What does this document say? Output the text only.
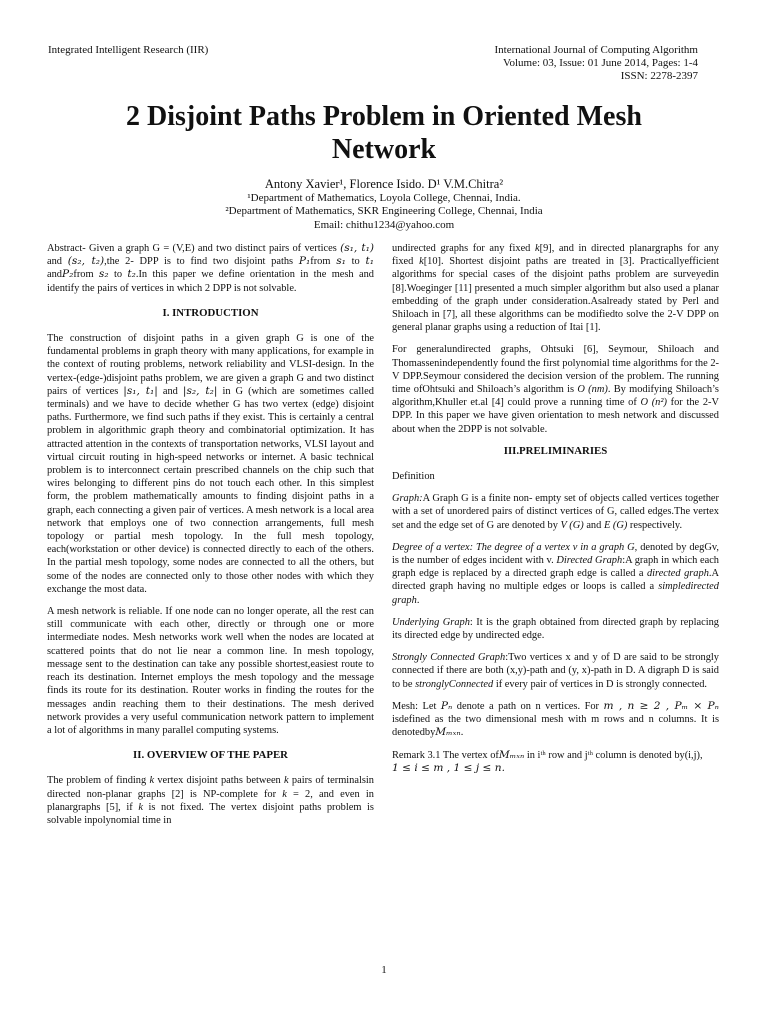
Integrated Intelligent Research (IIR)	International Journal of Computing Algorithm
Volume: 03, Issue: 01 June 2014, Pages: 1-4
ISSN: 2278-2397
2 Disjoint Paths Problem in Oriented Mesh
Network
Antony Xavier¹, Florence Isido. D¹ V.M.Chitra²
¹Department of Mathematics, Loyola College, Chennai, India.
²Department of Mathematics, SKR Engineering College, Chennai, India
Email: chithu1234@yahoo.com

Abstract- Given a graph G = (V,E) and two distinct pairs of vertices (s₁, t₁) and (s₂, t₂),the 2- DPP is to find two disjoint paths P₁from s₁ to t₁ andP₂from s₂ to t₂.In this paper we define orientation in the mesh and identify the pairs of vertices in which 2 DPP is not solvable.

I. INTRODUCTION

The construction of disjoint paths in a given graph G is one of the fundamental problems in graph theory with many applications, for example in the context of routing problems, network reliability and VLSI-design. In the vertex-(edge-)disjoint paths problem, we are given a graph G and two distinct pairs of vertices |s₁, t₁| and |s₂, t₂| in G (which are sometimes called terminals) and we have to decide whether G has two vertex (edge) disjoint paths. Furthermore, we find such paths if they exist. This is certainly a central problem in algorithmic graph theory and combinatorial optimization. It has attracted attention in the contexts of transportation networks, VLSI layout and virtual circuit routing in high-speed networks or internet. A basic technical problem is to interconnect certain prescribed channels on the chip such that wires belonging to different pins do not touch each other. In this simplest form, the problem mathematically amounts to finding disjoint paths in a graph, each connecting a given pair of vertices. A mesh network is a local area network that employs one of two connection arrangements, full mesh topology or partial mesh topology. In the full mesh topology, each(workstation or other device) is connected directly to each of the others. In the partial mesh topology, some nodes are connected to all the others, but some of the nodes are connected only to those other nodes with which they exchange the most data.

A mesh network is reliable. If one node can no longer operate, all the rest can still communicate with each other, directly or through one or more intermediate nodes. Mesh networks work well when the nodes are located at scattered points that do not lie near a common line. In mesh topology, message sent to the destination can take any possible shortest,easiest route to reach its destination. Internet employs the mesh topology and the message finds its route for its destination. Router works in finding the routes for the messages andin reaching them to their destinations. The mesh derived network provides a very useful communication network pattern to implement a lot of algorithms in many parallel computing systems.

II. OVERVIEW OF THE PAPER

The problem of finding k vertex disjoint paths between k pairs of terminalsin directed non-planar graphs [2] is NP-complete for k = 2, and even in planargraphs [5], if k is not fixed. The vertex disjoint paths problem is solvable inpolynomial time in

undirected graphs for any fixed k[9], and in directed planargraphs for any fixed k[10]. Shortest disjoint paths are treated in [3]. Practicallyefficient algorithms for special cases of the disjoint paths problem are surveyedin [8].Woeginger [11] presented a much simpler algorithm but also used a planar embedding of the graph under consideration.Asalready stated by Perl and Shiloach in [7], all these algorithms can be modifiedto solve the 2-V DPP on general planar graphs using a reduction of Itai [1].

For generalundirected graphs, Ohtsuki [6], Seymour, Shiloach and Thomassenindependently found the first polynomial time algorithms for the 2-V DPP.Seymour considered the decision version of the problem. The running time ofOhtsuki and Shiloach’s algorithm is O (nm). By modifying Shiloach’s algorithm,Khuller et.al [4] could prove a running time of O (n²) for the 2-V DPP. In this paper we have given orientation to mesh network and discussed about when the 2DPP is not solvable.

III.PRELIMINARIES

Definition

Graph:A Graph G is a finite non- empty set of objects called vertices together with a set of unordered pairs of distinct vertices of G, called edges.The vertex set and the edge set of G are denoted by V (G) and E (G) respectively.

Degree of a vertex: The degree of a vertex v in a graph G, denoted by degGv, is the number of edges incident with v. Directed Graph:A graph in which each graph edge is replaced by a directed graph edge is called a directed graph.A directed graph having no multiple edges or loops is called a simpledirected graph.

Underlying Graph: It is the graph obtained from directed graph by replacing its directed edge by undirected edge.

Strongly Connected Graph:Two vertices x and y of D are said to be strongly connected if there are both (x,y)-path and (y, x)-path in D. A digraph D is said to be stronglyConnected if every pair of vertices in D is strongly connected.

Mesh: Let Pₙ denote a path on n vertices. For m , n ≥ 2 , Pₘ × Pₙ isdefined as the two dimensional mesh with m rows and n columns. It is denotedbyMₘₓₙ.

Remark 3.1 The vertex ofMₘₓₙ in iᵗʰ row and jᵗʰ column is denoted by(i,j),
1 ≤ i ≤ m , 1 ≤ j ≤ n.

1
